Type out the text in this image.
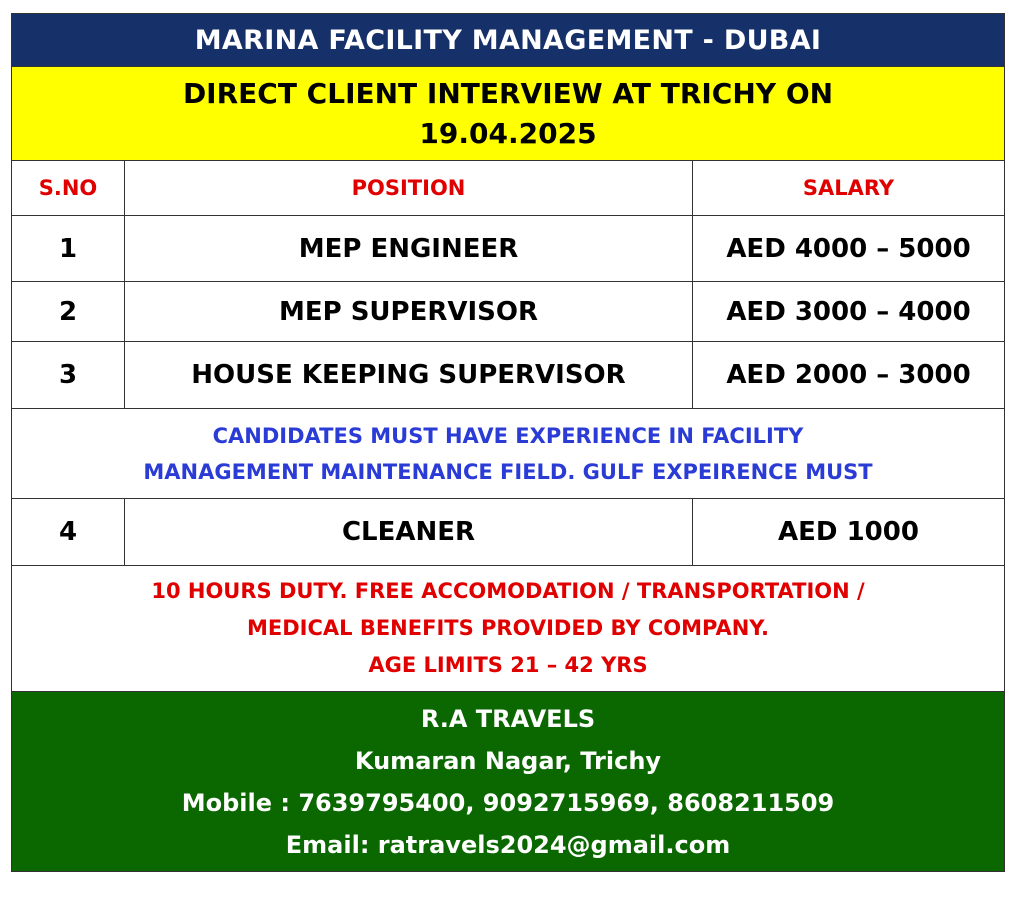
MARINA FACILITY MANAGEMENT - DUBAI
DIRECT CLIENT INTERVIEW AT TRICHY ON
19.04.2025
S.NO	POSITION	SALARY
1	MEP ENGINEER	AED 4000 – 5000
2	MEP SUPERVISOR	AED 3000 – 4000
3	HOUSE KEEPING SUPERVISOR	AED 2000 – 3000
CANDIDATES MUST HAVE EXPERIENCE IN FACILITY
MANAGEMENT MAINTENANCE FIELD. GULF EXPEIRENCE MUST
4	CLEANER	AED 1000
10 HOURS DUTY. FREE ACCOMODATION / TRANSPORTATION /
MEDICAL BENEFITS PROVIDED BY COMPANY.
AGE LIMITS 21 – 42 YRS
R.A TRAVELS
Kumaran Nagar, Trichy
Mobile : 7639795400, 9092715969, 8608211509
Email: ratravels2024@gmail.com
